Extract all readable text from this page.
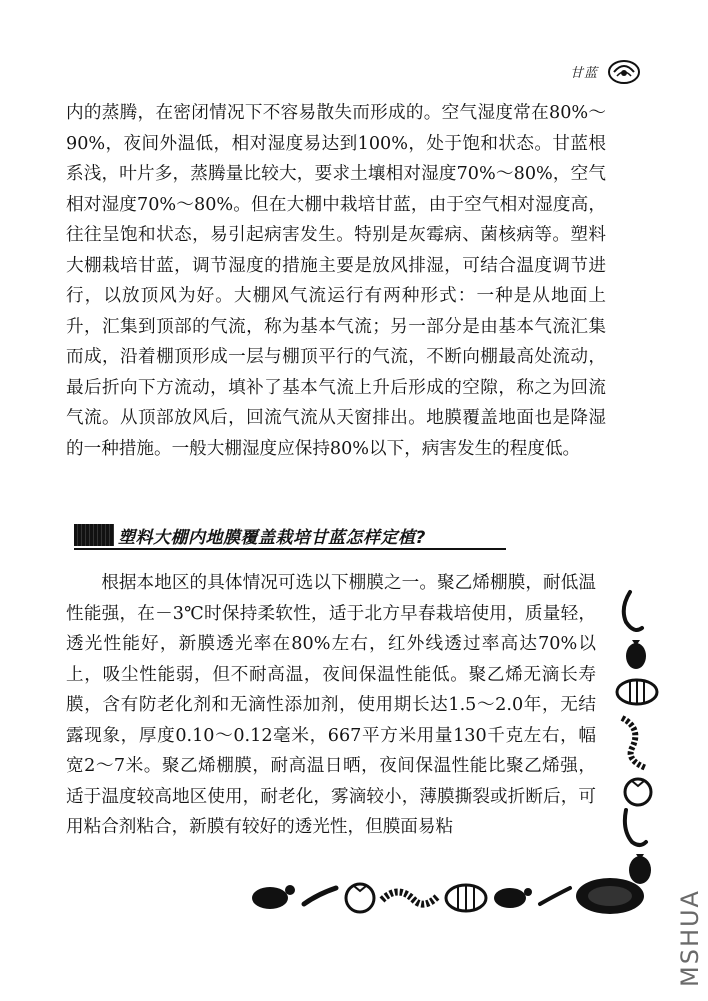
甘蓝

内的蒸腾，在密闭情况下不容易散失而形成的。空气湿度常在80%～90%，夜间外温低，相对湿度易达到100%，处于饱和状态。甘蓝根系浅，叶片多，蒸腾量比较大，要求土壤相对湿度70%～80%，空气相对湿度70%～80%。但在大棚中栽培甘蓝，由于空气相对湿度高，往往呈饱和状态，易引起病害发生。特别是灰霉病、菌核病等。塑料大棚栽培甘蓝，调节湿度的措施主要是放风排湿，可结合温度调节进行，以放顶风为好。大棚风气流运行有两种形式：一种是从地面上升，汇集到顶部的气流，称为基本气流；另一部分是由基本气流汇集而成，沿着棚顶形成一层与棚顶平行的气流，不断向棚最高处流动，最后折向下方流动，填补了基本气流上升后形成的空隙，称之为回流气流。从顶部放风后，回流气流从天窗排出。地膜覆盖地面也是降湿的一种措施。一般大棚湿度应保持80%以下，病害发生的程度低。

塑料大棚内地膜覆盖栽培甘蓝怎样定植?

根据本地区的具体情况可选以下棚膜之一。聚乙烯棚膜，耐低温性能强，在－3℃时保持柔软性，适于北方早春栽培使用，质量轻，透光性能好，新膜透光率在80%左右，红外线透过率高达70%以上，吸尘性能弱，但不耐高温，夜间保温性能低。聚乙烯无滴长寿膜，含有防老化剂和无滴性添加剂，使用期长达1.5～2.0年，无结露现象，厚度0.10～0.12毫米，667平方米用量130千克左右，幅宽2～7米。聚乙烯棚膜，耐高温日晒，夜间保温性能比聚乙烯强，适于温度较高地区使用，耐老化，雾滴较小，薄膜撕裂或折断后，可用粘合剂粘合，新膜有较好的透光性，但膜面易粘

MSHUA
